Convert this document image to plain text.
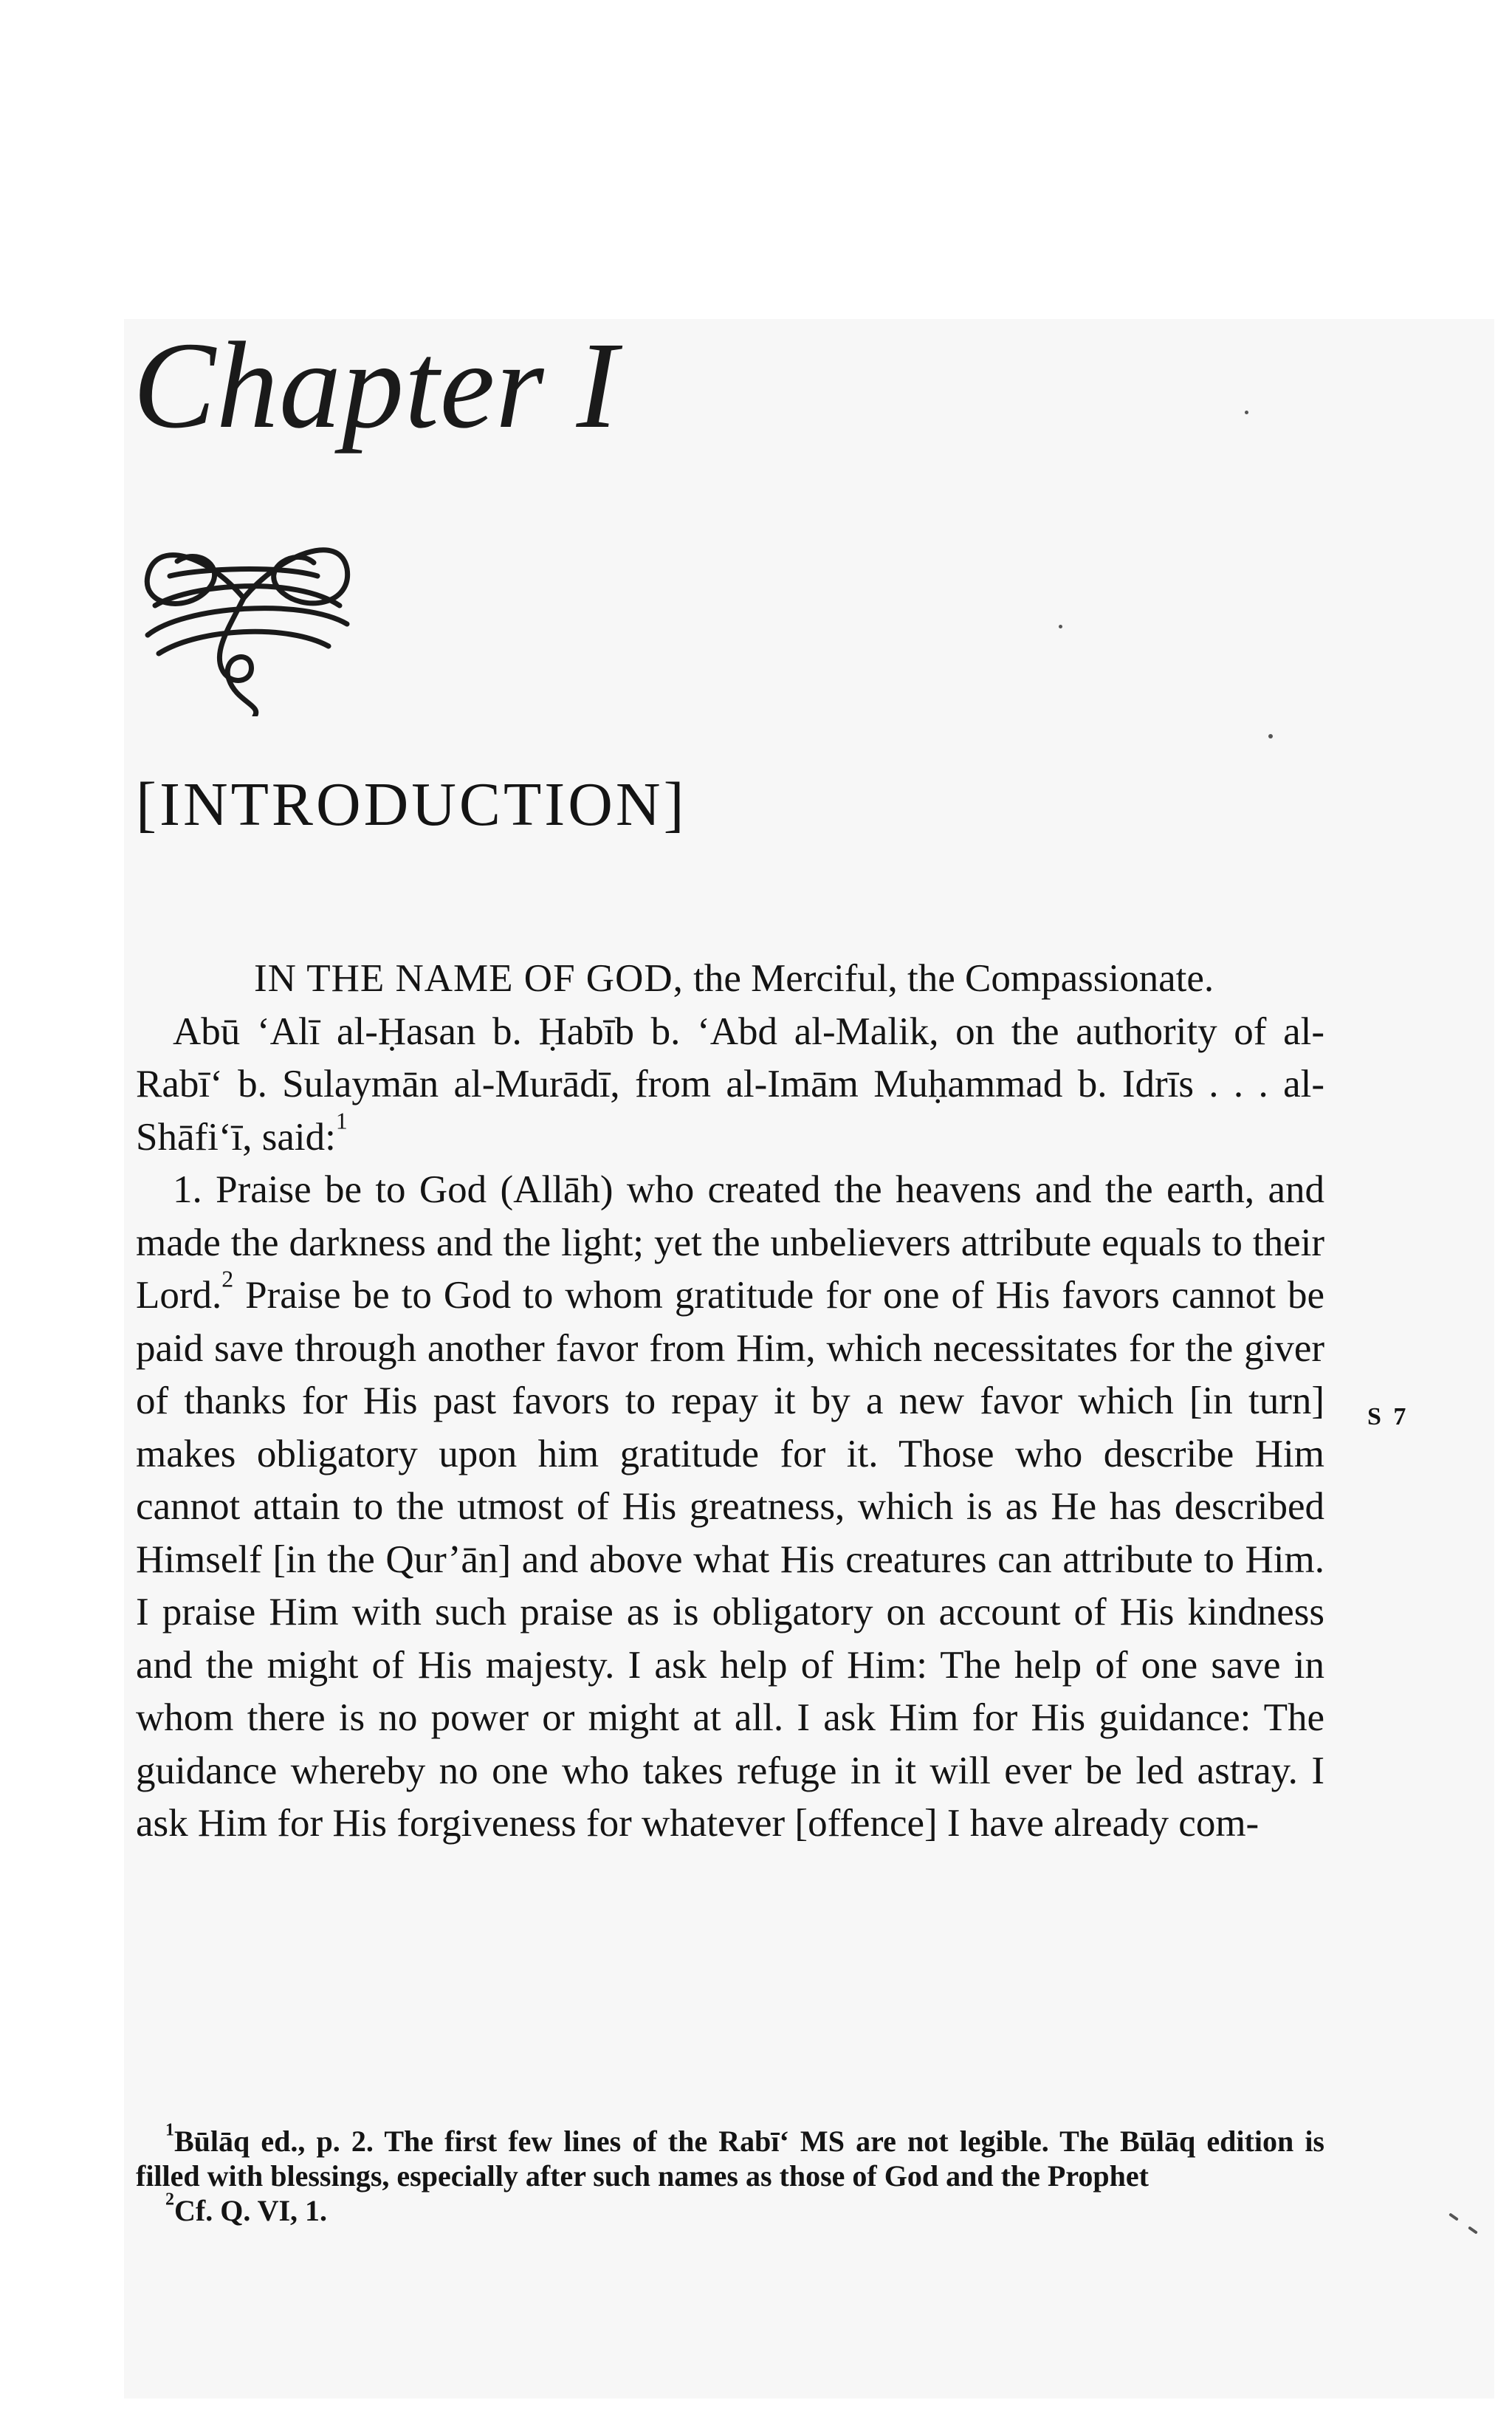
Chapter I
[INTRODUCTION]

IN THE NAME OF GOD, the Merciful, the Compassionate.

Abū ‘Alī al-Ḥasan b. Ḥabīb b. ‘Abd al-Malik, on the authority of al-Rabī‘ b. Sulaymān al-Murādī, from al-Imām Muḥammad b. Idrīs . . . al-Shāfi‘ī, said:$^1$

1. Praise be to God (Allāh) who created the heavens and the earth, and made the darkness and the light; yet the unbelievers attribute equals to their Lord.$^2$ Praise be to God to whom gratitude for one of His favors cannot be paid save through another favor from Him, which necessitates for the giver of thanks for His past favors to repay it by a new favor which [in turn] makes obligatory upon him gratitude for it. Those who describe Him cannot attain to the utmost of His greatness, which is as He has described Himself [in the Qur’ān] and above what His creatures can attribute to Him. I praise Him with such praise as is obligatory on account of His kindness and the might of His majesty. I ask help of Him: The help of one save in whom there is no power or might at all. I ask Him for His guidance: The guidance whereby no one who takes refuge in it will ever be led astray. I ask Him for His forgiveness for whatever [offence] I have already com-

S 7

$^1$Būlāq ed., p. 2. The first few lines of the Rabī‘ MS are not legible. The Būlāq edition is filled with blessings, especially after such names as those of God and the Prophet

$^2$Cf. Q. VI, 1.
